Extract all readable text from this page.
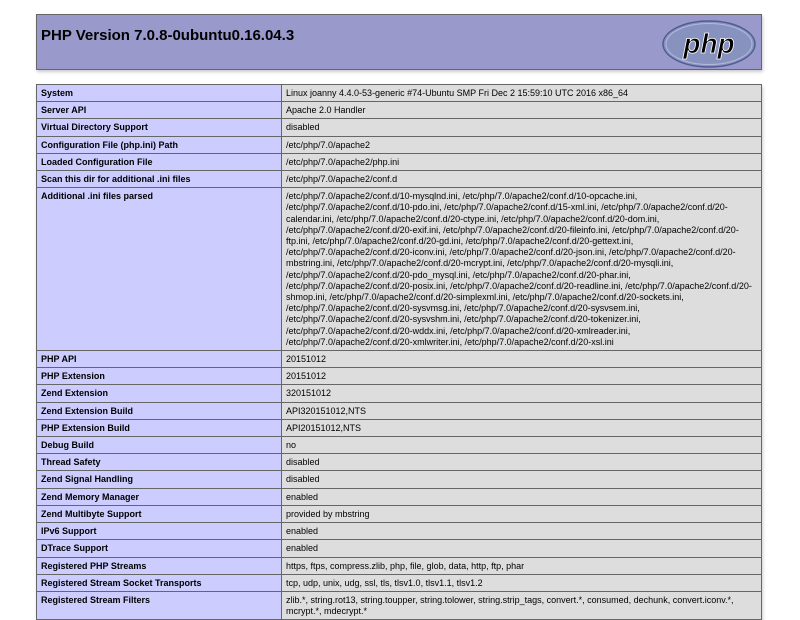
PHP Version 7.0.8-0ubuntu0.16.04.3	php
System	Linux joanny 4.4.0-53-generic #74-Ubuntu SMP Fri Dec 2 15:59:10 UTC 2016 x86_64
Server API	Apache 2.0 Handler
Virtual Directory Support	disabled
Configuration File (php.ini) Path	/etc/php/7.0/apache2
Loaded Configuration File	/etc/php/7.0/apache2/php.ini
Scan this dir for additional .ini files	/etc/php/7.0/apache2/conf.d
Additional .ini files parsed	/etc/php/7.0/apache2/conf.d/10-mysqlnd.ini, /etc/php/7.0/apache2/conf.d/10-opcache.ini, /etc/php/7.0/apache2/conf.d/10-pdo.ini, /etc/php/7.0/apache2/conf.d/15-xml.ini, /etc/php/7.0/apache2/conf.d/20-calendar.ini, /etc/php/7.0/apache2/conf.d/20-ctype.ini, /etc/php/7.0/apache2/conf.d/20-dom.ini, /etc/php/7.0/apache2/conf.d/20-exif.ini, /etc/php/7.0/apache2/conf.d/20-fileinfo.ini, /etc/php/7.0/apache2/conf.d/20-ftp.ini, /etc/php/7.0/apache2/conf.d/20-gd.ini, /etc/php/7.0/apache2/conf.d/20-gettext.ini, /etc/php/7.0/apache2/conf.d/20-iconv.ini, /etc/php/7.0/apache2/conf.d/20-json.ini, /etc/php/7.0/apache2/conf.d/20-mbstring.ini, /etc/php/7.0/apache2/conf.d/20-mcrypt.ini, /etc/php/7.0/apache2/conf.d/20-mysqli.ini, /etc/php/7.0/apache2/conf.d/20-pdo_mysql.ini, /etc/php/7.0/apache2/conf.d/20-phar.ini, /etc/php/7.0/apache2/conf.d/20-posix.ini, /etc/php/7.0/apache2/conf.d/20-readline.ini, /etc/php/7.0/apache2/conf.d/20-shmop.ini, /etc/php/7.0/apache2/conf.d/20-simplexml.ini, /etc/php/7.0/apache2/conf.d/20-sockets.ini, /etc/php/7.0/apache2/conf.d/20-sysvmsg.ini, /etc/php/7.0/apache2/conf.d/20-sysvsem.ini, /etc/php/7.0/apache2/conf.d/20-sysvshm.ini, /etc/php/7.0/apache2/conf.d/20-tokenizer.ini, /etc/php/7.0/apache2/conf.d/20-wddx.ini, /etc/php/7.0/apache2/conf.d/20-xmlreader.ini, /etc/php/7.0/apache2/conf.d/20-xmlwriter.ini, /etc/php/7.0/apache2/conf.d/20-xsl.ini
PHP API	20151012
PHP Extension	20151012
Zend Extension	320151012
Zend Extension Build	API320151012,NTS
PHP Extension Build	API20151012,NTS
Debug Build	no
Thread Safety	disabled
Zend Signal Handling	disabled
Zend Memory Manager	enabled
Zend Multibyte Support	provided by mbstring
IPv6 Support	enabled
DTrace Support	enabled
Registered PHP Streams	https, ftps, compress.zlib, php, file, glob, data, http, ftp, phar
Registered Stream Socket Transports	tcp, udp, unix, udg, ssl, tls, tlsv1.0, tlsv1.1, tlsv1.2
Registered Stream Filters	zlib.*, string.rot13, string.toupper, string.tolower, string.strip_tags, convert.*, consumed, dechunk, convert.iconv.*, mcrypt.*, mdecrypt.*
